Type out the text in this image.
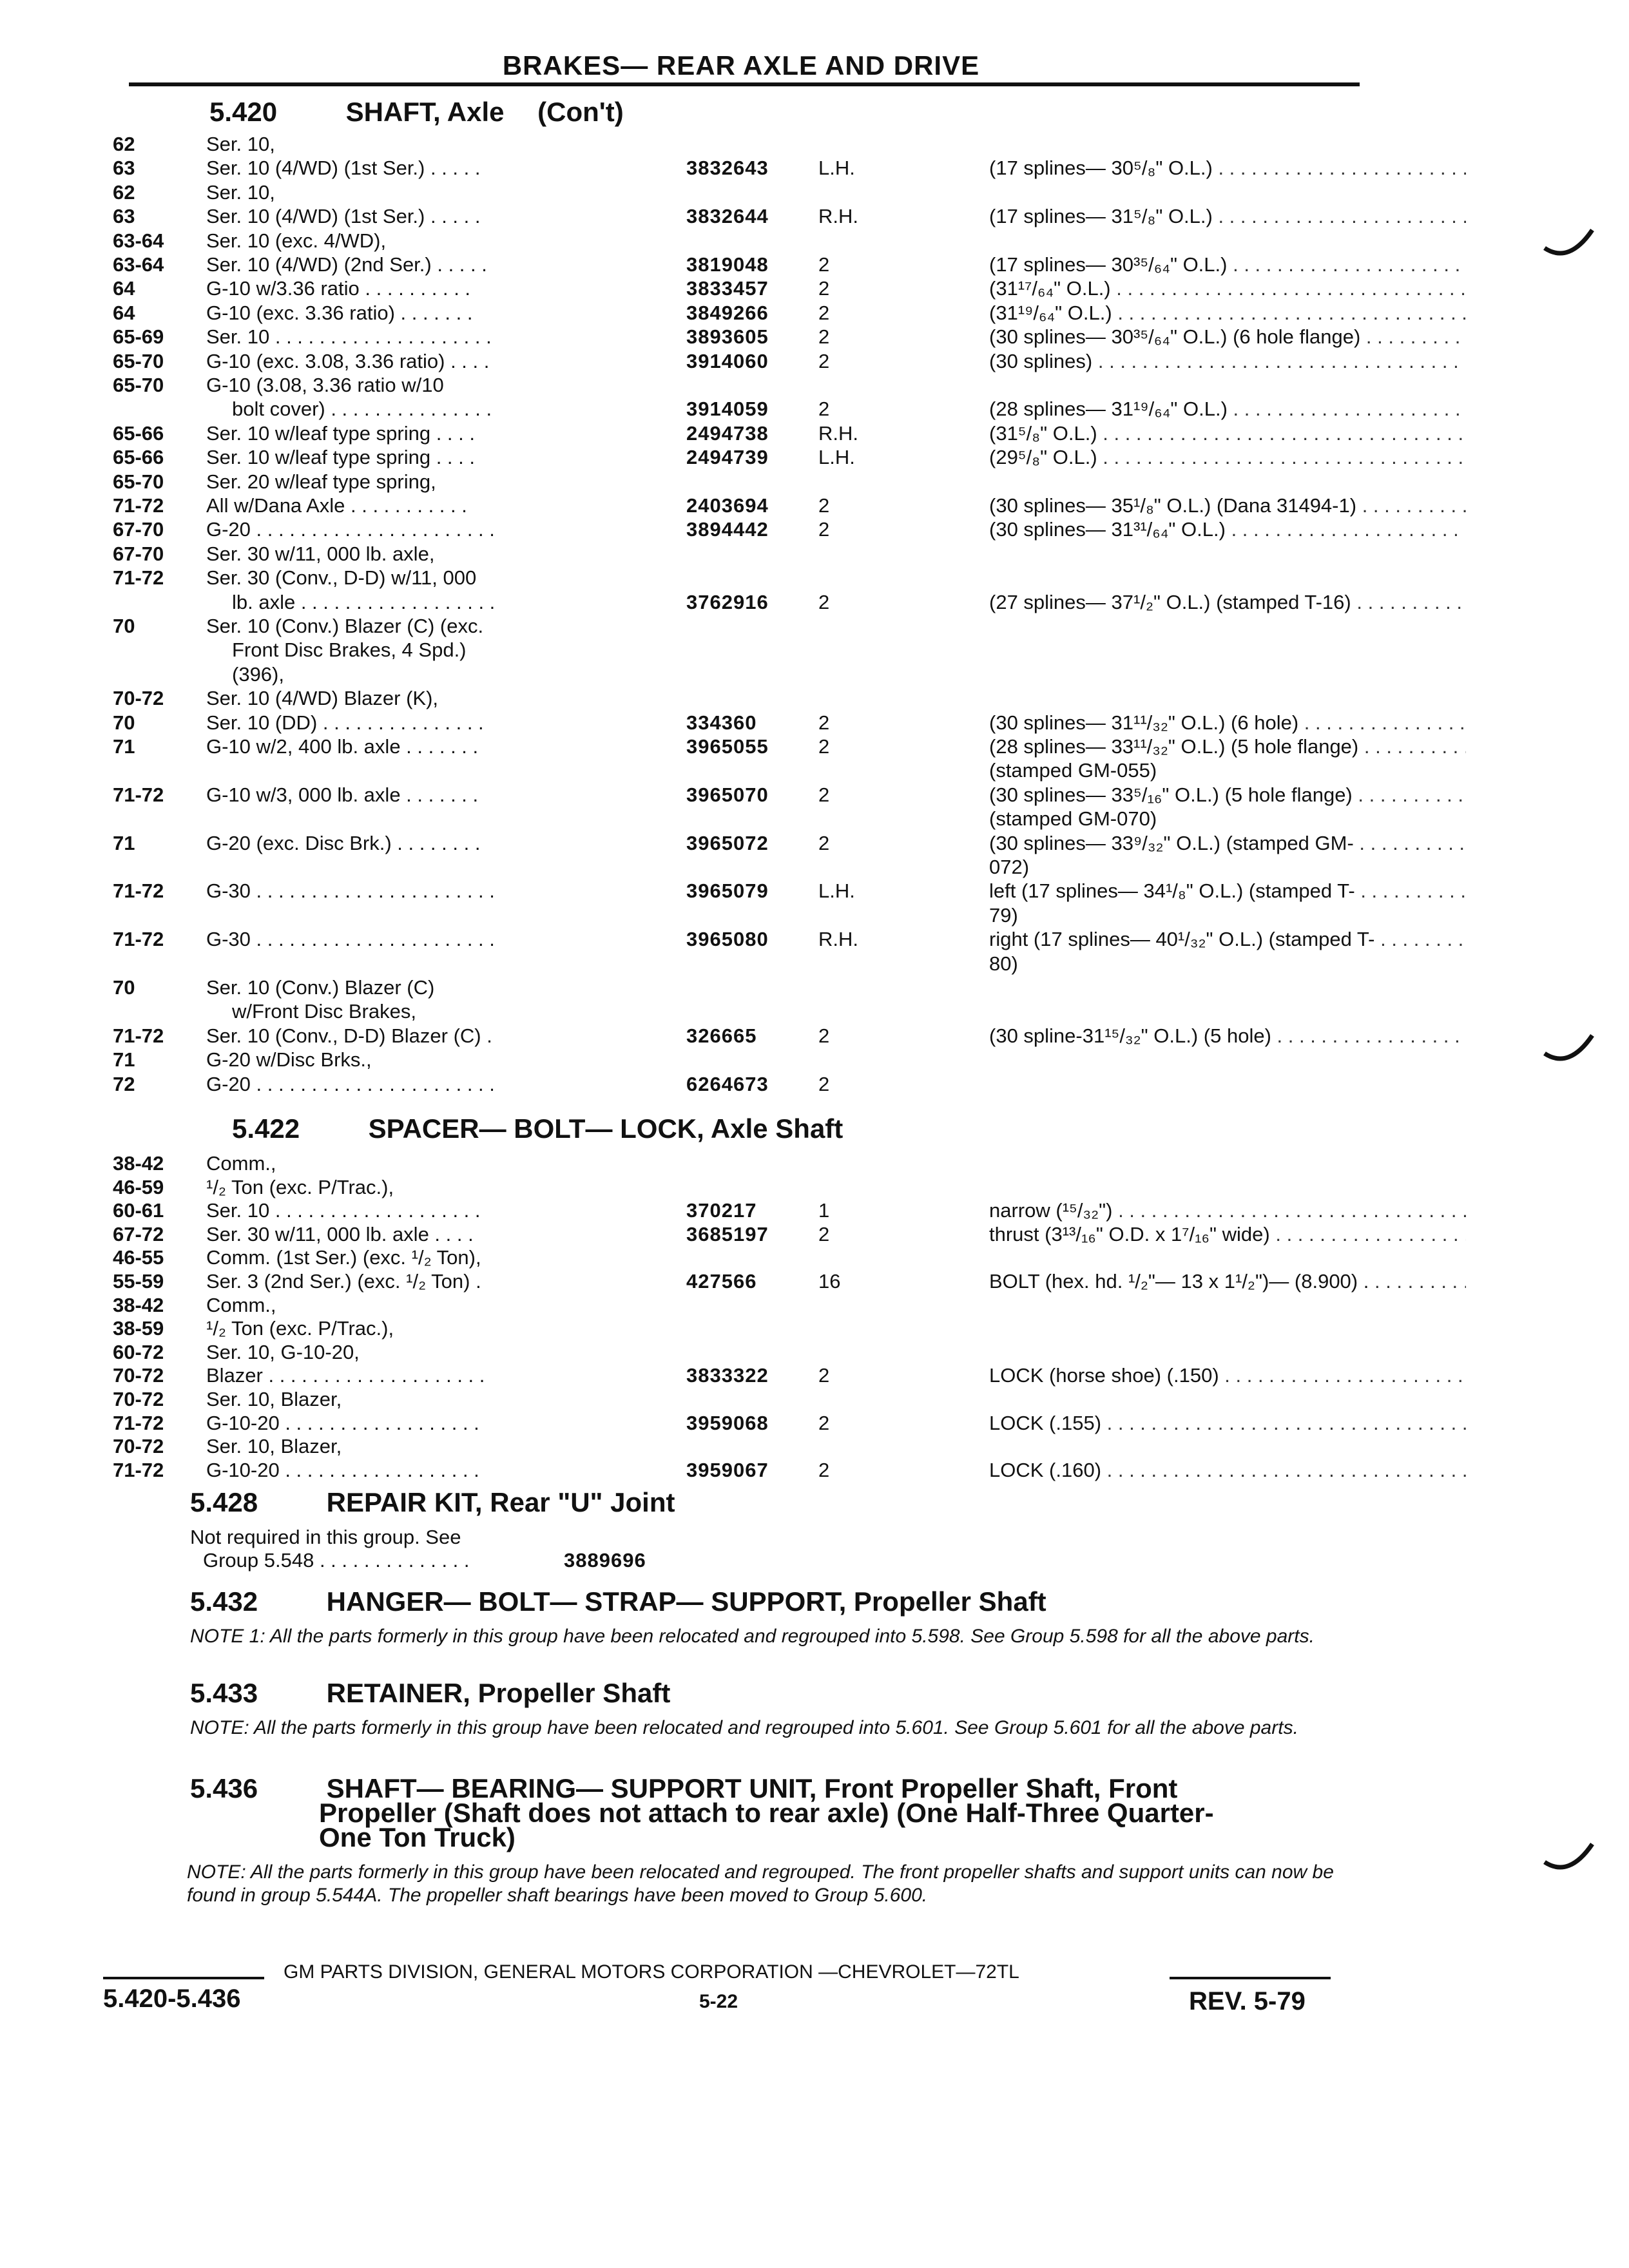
BRAKES— REAR AXLE AND DRIVE
5.420	SHAFT, Axle (Con't)
62	Ser. 10,
63	Ser. 10 (4/WD) (1st Ser.) . . . . .	3832643 L.H.	(17 splines— 30⁵/₈" O.L.) . . .
62	Ser. 10,
63	Ser. 10 (4/WD) (1st Ser.) . . . . .	3832644 R.H.	(17 splines— 31⁵/₈" O.L.) . . .
63-64 Ser. 10 (exc. 4/WD),
63-64 Ser. 10 (4/WD) (2nd Ser.) . . . . .	3819048 2	(17 splines— 30³⁵/₆₄" O.L.) . . .
64	G-10 w/3.36 ratio . . . . . . . . . .	3833457 2	(31¹⁷/₆₄" O.L.) . . .
64	G-10 (exc. 3.36 ratio) . . . . . . .	3849266 2	(31¹⁹/₆₄" O.L.) . . .
65-69 Ser. 10 . . . . . . . . . . . . . . . . . . . .	3893605 2	(30 splines— 30³⁵/₆₄" O.L.) (6 hole flange) . . .
65-70 G-10 (exc. 3.08, 3.36 ratio) . . . .	3914060 2	(30 splines) . . .
65-70 G-10 (3.08, 3.36 ratio w/10
bolt cover) . . . . . . . . . . . . . . .	3914059 2	(28 splines— 31¹⁹/₆₄" O.L.) . . .
65-66 Ser. 10 w/leaf type spring . . . .	2494738 R.H.	(31⁵/₈" O.L.) . . .
65-66 Ser. 10 w/leaf type spring . . . .	2494739 L.H.	(29⁵/₈" O.L.) . . .
65-70 Ser. 20 w/leaf type spring,
71-72 All w/Dana Axle . . . . . . . . . . .	2403694 2	(30 splines— 35¹/₈" O.L.) (Dana 31494-1) . . .
67-70 G-20 . . . . . . . . . . . . . . . . . . . . . .	3894442 2	(30 splines— 31³¹/₆₄" O.L.) . . .
67-70 Ser. 30 w/11, 000 lb. axle,
71-72 Ser. 30 (Conv., D-D) w/11, 000
lb. axle . . . . . . . . . . . . . . . . . .	3762916 2	(27 splines— 37¹/₂" O.L.) (stamped T-16) . . .
70	Ser. 10 (Conv.) Blazer (C) (exc.
Front Disc Brakes, 4 Spd.)
(396),
70-72 Ser. 10 (4/WD) Blazer (K),
70	Ser. 10 (DD) . . . . . . . . . . . . . . .	334360	2	(30 splines— 31¹¹/₃₂" O.L.) (6 hole) . . .
71	G-10 w/2, 400 lb. axle . . . . . . .	3965055 2	(28 splines— 33¹¹/₃₂" O.L.) (5 hole flange) . . .
(stamped GM-055)
71-72 G-10 w/3, 000 lb. axle . . . . . . .	3965070 2	(30 splines— 33⁵/₁₆" O.L.) (5 hole flange) . . .
(stamped GM-070)
71	G-20 (exc. Disc Brk.) . . . . . . . .	3965072 2	(30 splines— 33⁹/₃₂" O.L.) (stamped GM- . . .
072)
71-72 G-30 . . . . . . . . . . . . . . . . . . . . . .	3965079 L.H.	left (17 splines— 34¹/₈" O.L.) (stamped T- . . .
79)
71-72 G-30 . . . . . . . . . . . . . . . . . . . . . .	3965080 R.H.	right (17 splines— 40¹/₃₂" O.L.) (stamped T- . . .
80)
70	Ser. 10 (Conv.) Blazer (C)
w/Front Disc Brakes,
71-72 Ser. 10 (Conv., D-D) Blazer (C) .	326665	2	(30 spline-31¹⁵/₃₂" O.L.) (5 hole) . . .
71	G-20 w/Disc Brks.,
72	G-20 . . . . . . . . . . . . . . . . . . . . . .	6264673 2
5.422	SPACER— BOLT— LOCK, Axle Shaft
38-42 Comm.,
46-59 ¹/₂ Ton (exc. P/Trac.),
60-61 Ser. 10 . . . . . . . . . . . . . . . . . . .	370217	1	narrow (¹⁵/₃₂") . . .
67-72 Ser. 30 w/11, 000 lb. axle . . . .	3685197 2	thrust (3¹³/₁₆" O.D. x 1⁷/₁₆" wide) . . .
46-55 Comm. (1st Ser.) (exc. ¹/₂ Ton),
55-59 Ser. 3 (2nd Ser.) (exc. ¹/₂ Ton) .	427566	16	BOLT (hex. hd. ¹/₂"— 13 x 1¹/₂")— (8.900) . . . .
38-42 Comm.,
38-59 ¹/₂ Ton (exc. P/Trac.),
60-72 Ser. 10, G-10-20,
70-72 Blazer . . . . . . . . . . . . . . . . . . . .	3833322 2	LOCK (horse shoe) (.150) . . .
70-72 Ser. 10, Blazer,
71-72 G-10-20 . . . . . . . . . . . . . . . . . .	3959068 2	LOCK (.155) . . .
70-72 Ser. 10, Blazer,
71-72 G-10-20 . . . . . . . . . . . . . . . . . .	3959067 2	LOCK (.160) . . .
5.428	REPAIR KIT, Rear "U" Joint
Not required in this group. See
Group 5.548 . . . . . . . . . . . . . .	3889696
5.432	HANGER— BOLT— STRAP— SUPPORT, Propeller Shaft
NOTE 1: All the parts formerly in this group have been relocated and regrouped into 5.598. See Group 5.598 for all the above parts.
5.433	RETAINER, Propeller Shaft
NOTE: All the parts formerly in this group have been relocated and regrouped into 5.601. See Group 5.601 for all the above parts.
5.436	SHAFT— BEARING— SUPPORT UNIT, Front Propeller Shaft, Front
Propeller (Shaft does not attach to rear axle) (One Half-Three Quarter-
One Ton Truck)
NOTE: All the parts formerly in this group have been relocated and regrouped. The front propeller shafts and support units can now be found in group 5.544A. The propeller shaft bearings have been moved to Group 5.600.
GM PARTS DIVISION, GENERAL MOTORS CORPORATION —CHEVROLET—72TL
5.420-5.436	5-22	REV. 5-79
